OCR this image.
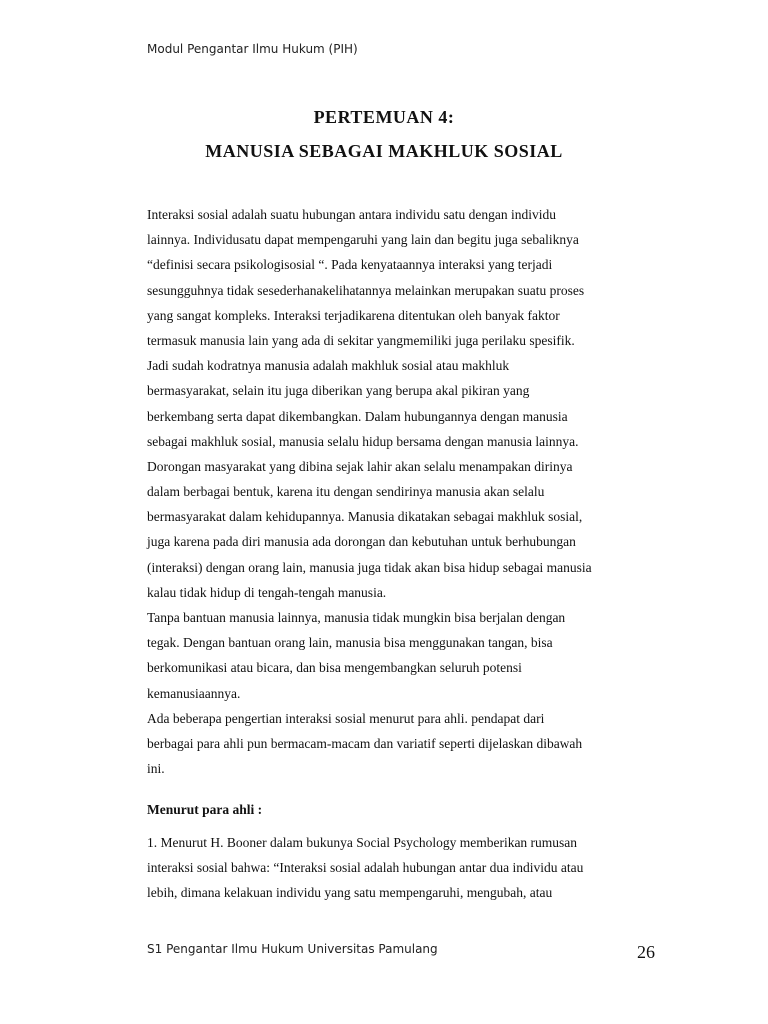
Modul Pengantar Ilmu Hukum (PIH)
PERTEMUAN 4:
MANUSIA SEBAGAI MAKHLUK SOSIAL
Interaksi sosial adalah suatu hubungan antara individu satu dengan individu
lainnya. Individusatu dapat mempengaruhi yang lain dan begitu juga sebaliknya
“definisi secara psikologisosial “. Pada kenyataannya interaksi yang terjadi
sesungguhnya tidak sesederhanakelihatannya melainkan merupakan suatu proses
yang sangat kompleks. Interaksi terjadikarena ditentukan oleh banyak faktor
termasuk manusia lain yang ada di sekitar yangmemiliki juga perilaku spesifik.
Jadi sudah kodratnya manusia adalah makhluk sosial atau makhluk
bermasyarakat, selain itu juga diberikan yang berupa akal pikiran yang
berkembang serta dapat dikembangkan. Dalam hubungannya dengan manusia
sebagai makhluk sosial, manusia selalu hidup bersama dengan manusia lainnya.
Dorongan masyarakat yang dibina sejak lahir akan selalu menampakan dirinya
dalam berbagai bentuk, karena itu dengan sendirinya manusia akan selalu
bermasyarakat dalam kehidupannya. Manusia dikatakan sebagai makhluk sosial,
juga karena pada diri manusia ada dorongan dan kebutuhan untuk berhubungan
(interaksi) dengan orang lain, manusia juga tidak akan bisa hidup sebagai manusia
kalau tidak hidup di tengah-tengah manusia.
Tanpa bantuan manusia lainnya, manusia tidak mungkin bisa berjalan dengan
tegak. Dengan bantuan orang lain, manusia bisa menggunakan tangan, bisa
berkomunikasi atau bicara, dan bisa mengembangkan seluruh potensi
kemanusiaannya.
Ada beberapa pengertian interaksi sosial menurut para ahli. pendapat dari
berbagai para ahli pun bermacam-macam dan variatif seperti dijelaskan dibawah
ini.
Menurut para ahli :
1. Menurut H. Booner dalam bukunya Social Psychology memberikan rumusan
interaksi sosial bahwa: “Interaksi sosial adalah hubungan antar dua individu atau
lebih, dimana kelakuan individu yang satu mempengaruhi, mengubah, atau
S1 Pengantar Ilmu Hukum Universitas Pamulang	26
